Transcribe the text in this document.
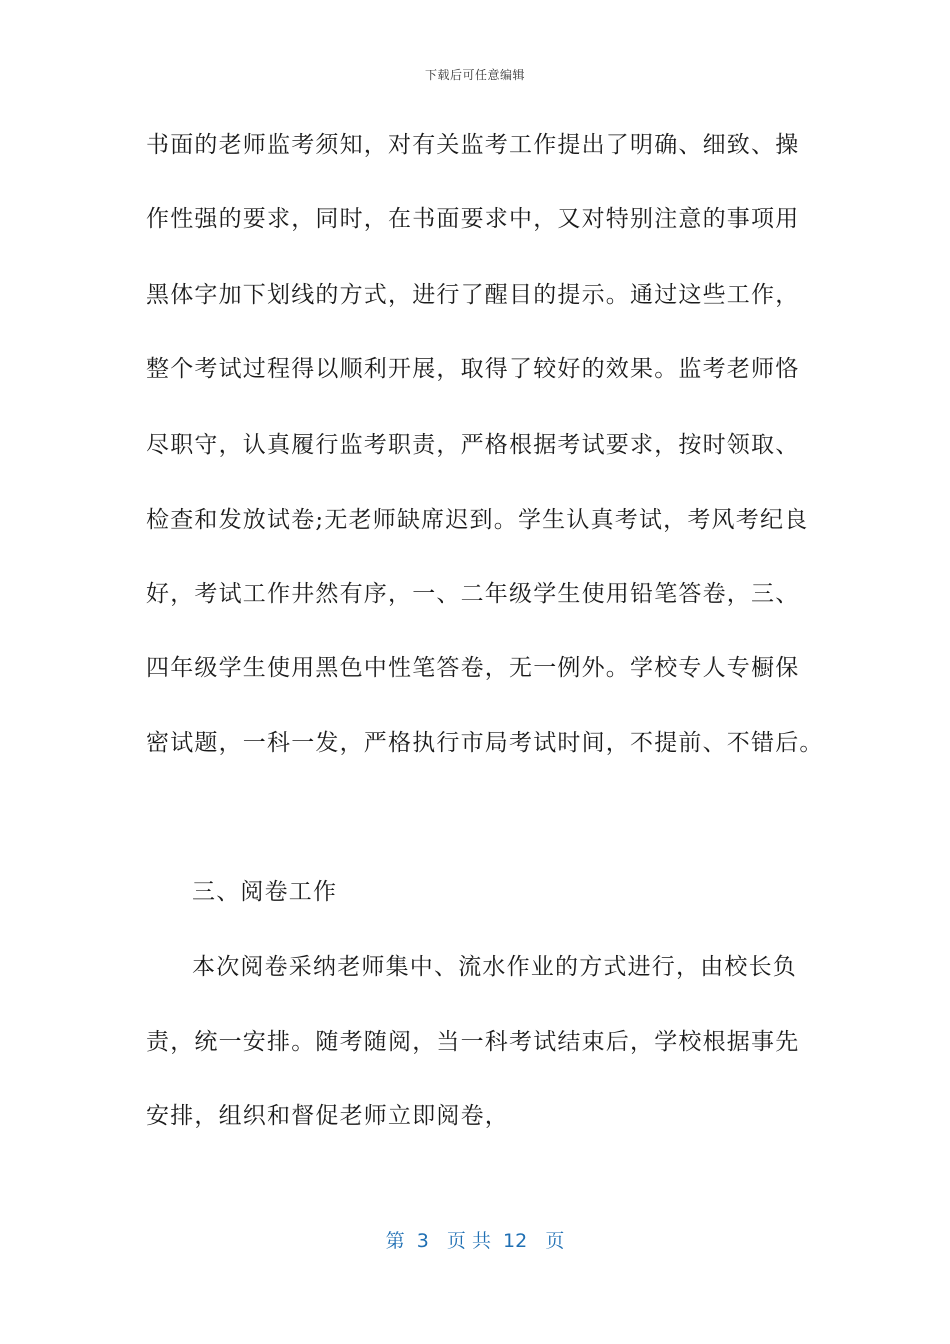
下载后可任意编辑
书面的老师监考须知，对有关监考工作提出了明确、细致、操
作性强的要求，同时，在书面要求中，又对特别注意的事项用
黑体字加下划线的方式，进行了醒目的提示。通过这些工作，
整个考试过程得以顺利开展，取得了较好的效果。监考老师恪
尽职守，认真履行监考职责，严格根据考试要求，按时领取、
检查和发放试卷;无老师缺席迟到。学生认真考试，考风考纪良
好，考试工作井然有序，一、二年级学生使用铅笔答卷，三、
四年级学生使用黑色中性笔答卷，无一例外。学校专人专橱保
密试题，一科一发，严格执行市局考试时间，不提前、不错后。
三、阅卷工作
本次阅卷采纳老师集中、流水作业的方式进行，由校长负
责，统一安排。随考随阅，当一科考试结束后，学校根据事先
安排，组织和督促老师立即阅卷，
第  3   页 共  12   页
